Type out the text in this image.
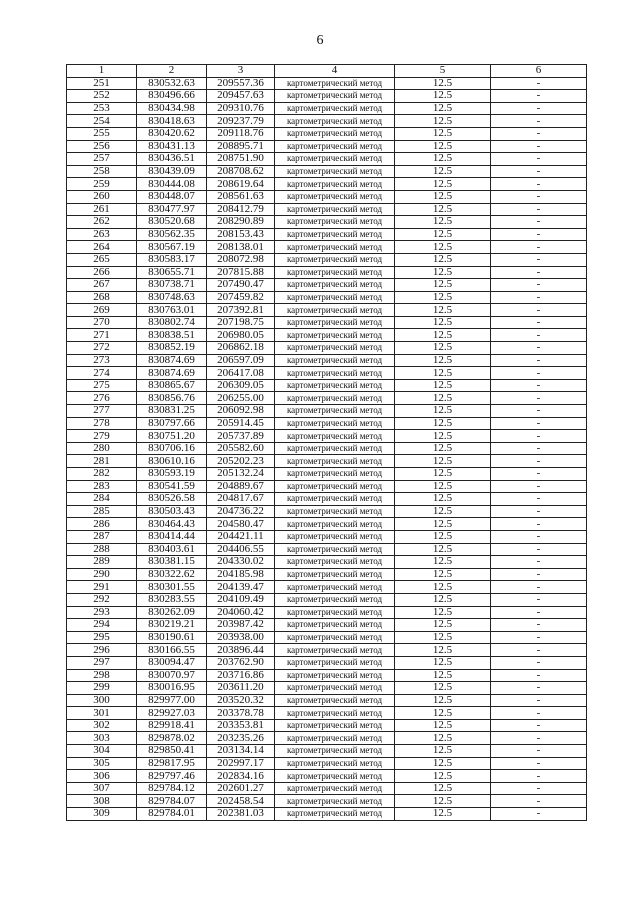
6
1	2	3	4	5	6
251	830532.63	209557.36	картометрический метод	12.5	-
252	830496.66	209457.63	картометрический метод	12.5	-
253	830434.98	209310.76	картометрический метод	12.5	-
254	830418.63	209237.79	картометрический метод	12.5	-
255	830420.62	209118.76	картометрический метод	12.5	-
256	830431.13	208895.71	картометрический метод	12.5	-
257	830436.51	208751.90	картометрический метод	12.5	-
258	830439.09	208708.62	картометрический метод	12.5	-
259	830444.08	208619.64	картометрический метод	12.5	-
260	830448.07	208561.63	картометрический метод	12.5	-
261	830477.97	208412.79	картометрический метод	12.5	-
262	830520.68	208290.89	картометрический метод	12.5	-
263	830562.35	208153.43	картометрический метод	12.5	-
264	830567.19	208138.01	картометрический метод	12.5	-
265	830583.17	208072.98	картометрический метод	12.5	-
266	830655.71	207815.88	картометрический метод	12.5	-
267	830738.71	207490.47	картометрический метод	12.5	-
268	830748.63	207459.82	картометрический метод	12.5	-
269	830763.01	207392.81	картометрический метод	12.5	-
270	830802.74	207198.75	картометрический метод	12.5	-
271	830838.51	206980.05	картометрический метод	12.5	-
272	830852.19	206862.18	картометрический метод	12.5	-
273	830874.69	206597.09	картометрический метод	12.5	-
274	830874.69	206417.08	картометрический метод	12.5	-
275	830865.67	206309.05	картометрический метод	12.5	-
276	830856.76	206255.00	картометрический метод	12.5	-
277	830831.25	206092.98	картометрический метод	12.5	-
278	830797.66	205914.45	картометрический метод	12.5	-
279	830751.20	205737.89	картометрический метод	12.5	-
280	830706.16	205582.60	картометрический метод	12.5	-
281	830610.16	205202.23	картометрический метод	12.5	-
282	830593.19	205132.24	картометрический метод	12.5	-
283	830541.59	204889.67	картометрический метод	12.5	-
284	830526.58	204817.67	картометрический метод	12.5	-
285	830503.43	204736.22	картометрический метод	12.5	-
286	830464.43	204580.47	картометрический метод	12.5	-
287	830414.44	204421.11	картометрический метод	12.5	-
288	830403.61	204406.55	картометрический метод	12.5	-
289	830381.15	204330.02	картометрический метод	12.5	-
290	830322.62	204185.98	картометрический метод	12.5	-
291	830301.55	204139.47	картометрический метод	12.5	-
292	830283.55	204109.49	картометрический метод	12.5	-
293	830262.09	204060.42	картометрический метод	12.5	-
294	830219.21	203987.42	картометрический метод	12.5	-
295	830190.61	203938.00	картометрический метод	12.5	-
296	830166.55	203896.44	картометрический метод	12.5	-
297	830094.47	203762.90	картометрический метод	12.5	-
298	830070.97	203716.86	картометрический метод	12.5	-
299	830016.95	203611.20	картометрический метод	12.5	-
300	829977.00	203520.32	картометрический метод	12.5	-
301	829927.03	203378.78	картометрический метод	12.5	-
302	829918.41	203353.81	картометрический метод	12.5	-
303	829878.02	203235.26	картометрический метод	12.5	-
304	829850.41	203134.14	картометрический метод	12.5	-
305	829817.95	202997.17	картометрический метод	12.5	-
306	829797.46	202834.16	картометрический метод	12.5	-
307	829784.12	202601.27	картометрический метод	12.5	-
308	829784.07	202458.54	картометрический метод	12.5	-
309	829784.01	202381.03	картометрический метод	12.5	-
